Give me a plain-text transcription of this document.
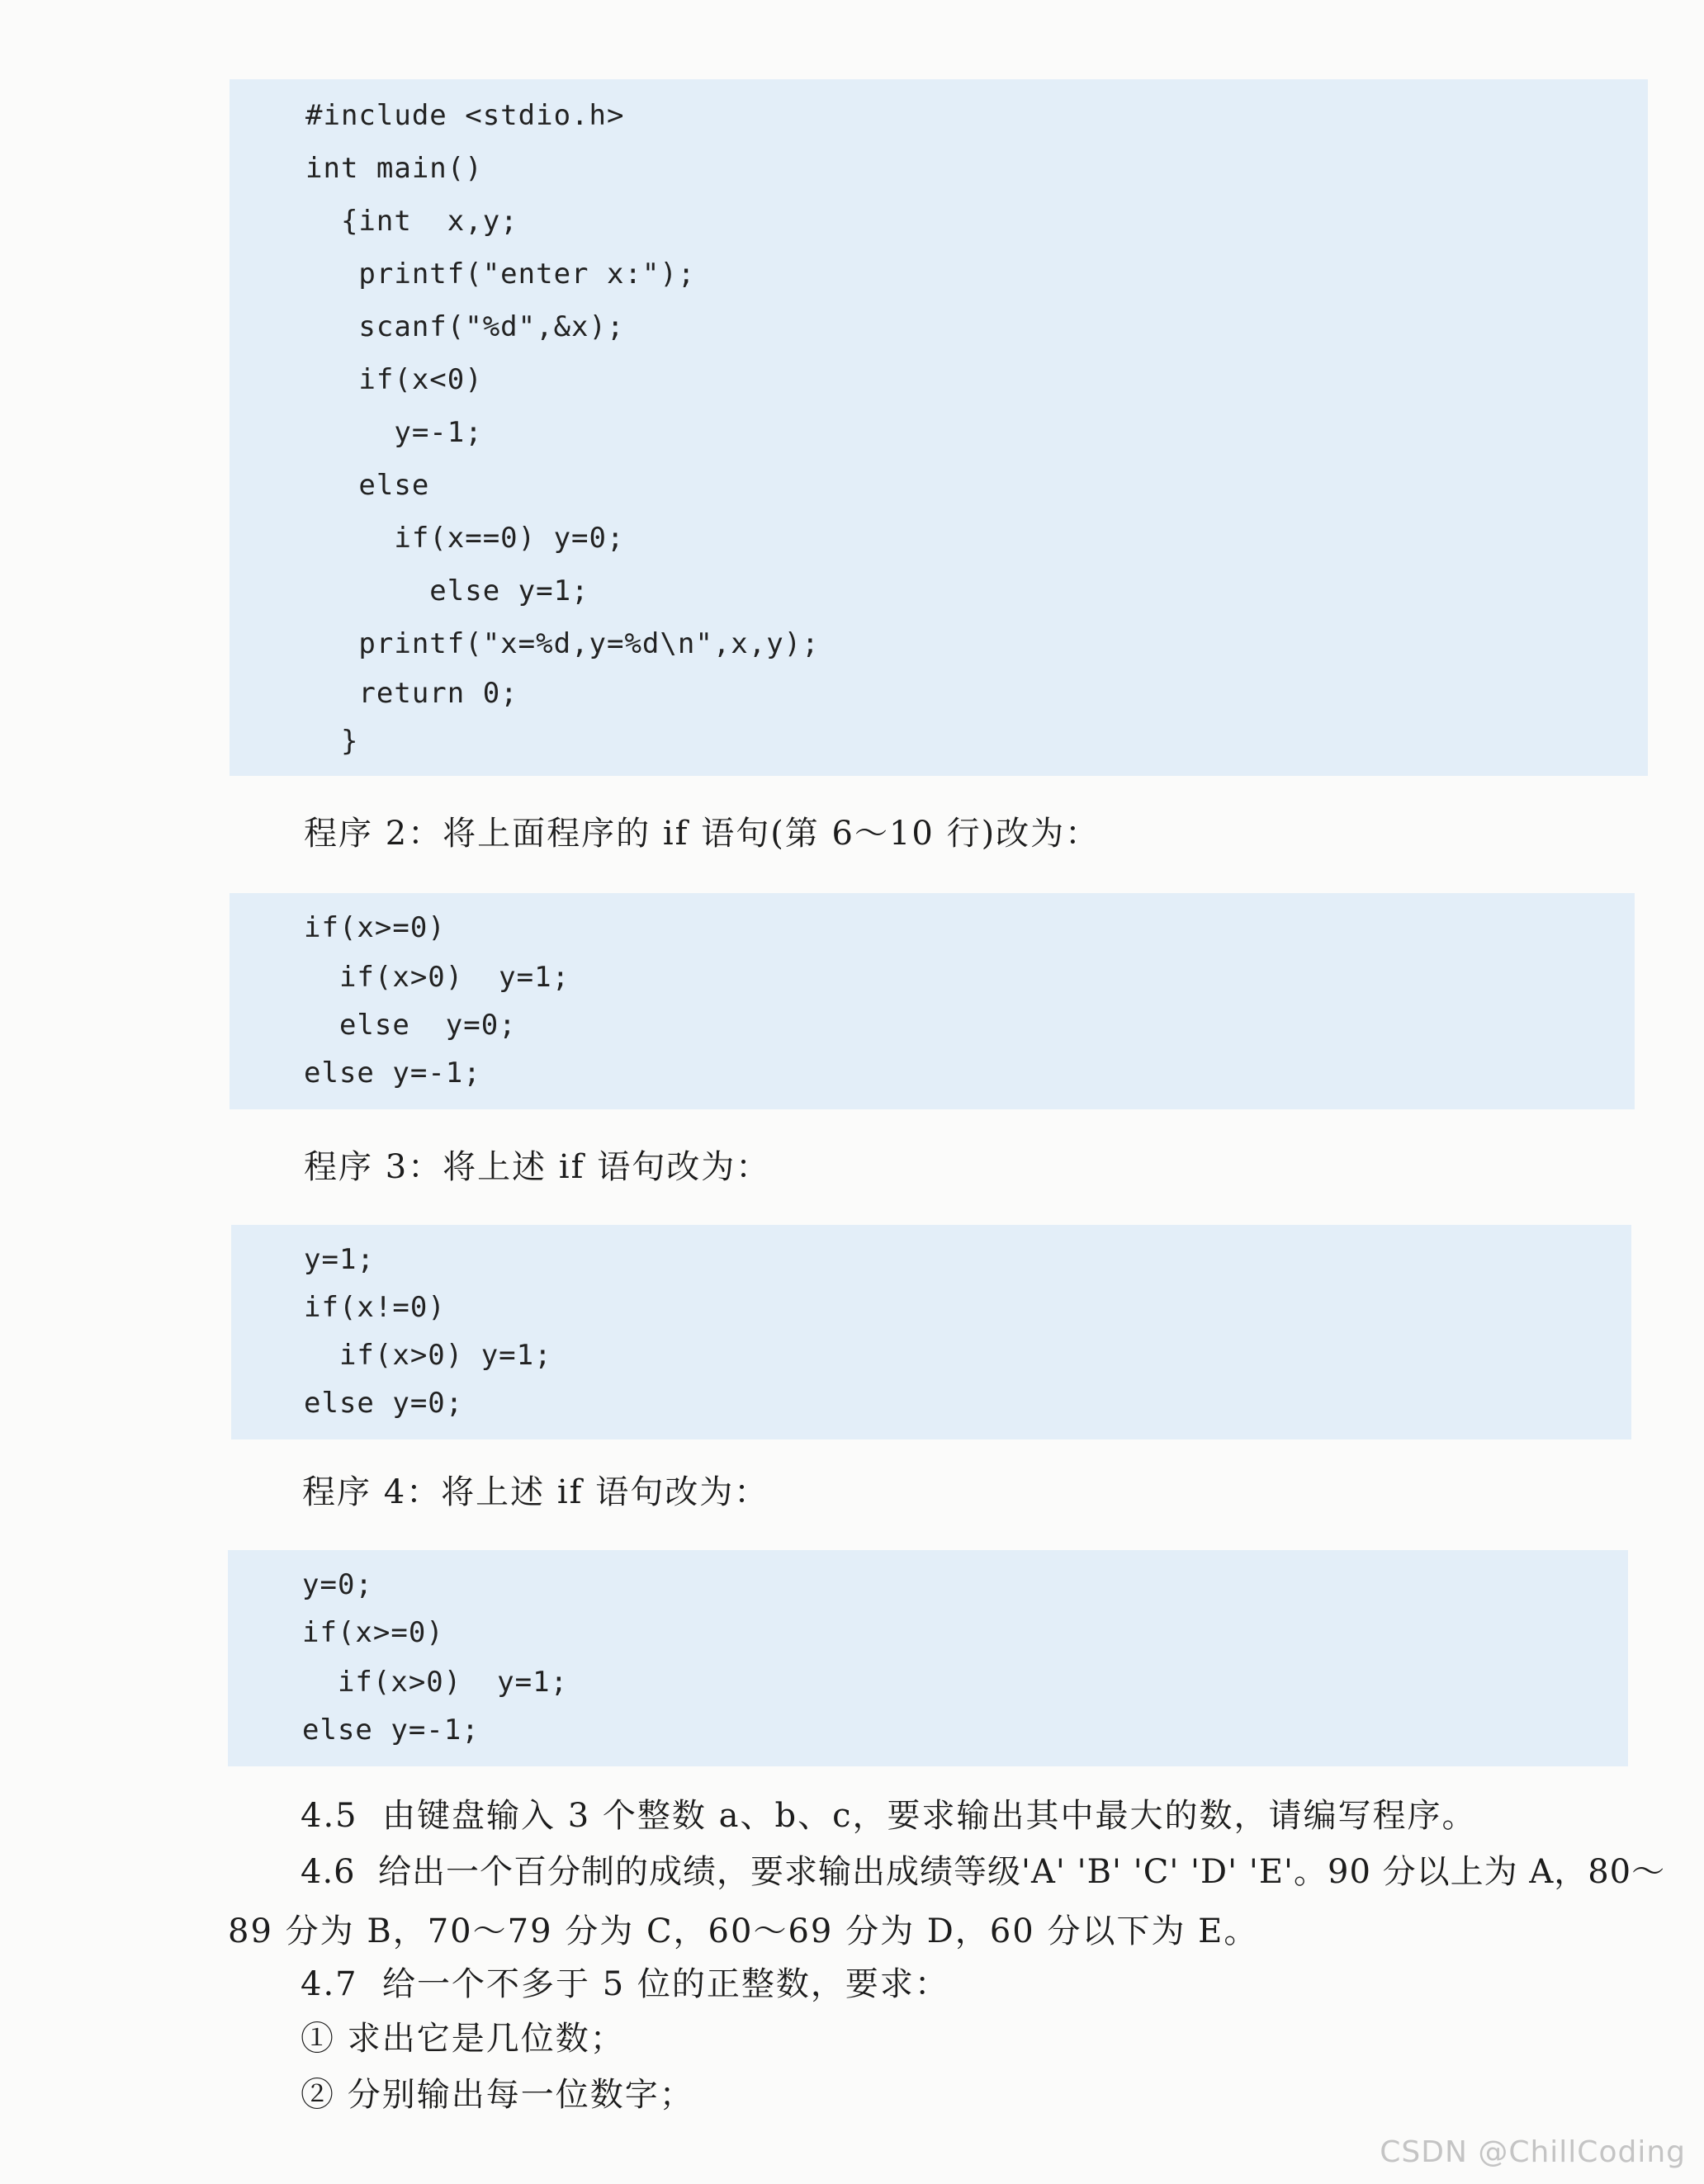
#include <stdio.h>
int main()
{int  x,y;
printf("enter x:");
scanf("%d",&x);
if(x<0)
y=-1;
else
if(x==0) y=0;
else y=1;
printf("x=%d,y=%d\n",x,y);
return 0;
}
程序 2：将上面程序的 if 语句(第 6～10 行)改为：
if(x>=0)
if(x>0)  y=1;
else  y=0;
else y=-1;
程序 3：将上述 if 语句改为：
y=1;
if(x!=0)
if(x>0) y=1;
else y=0;
程序 4：将上述 if 语句改为：
y=0;
if(x>=0)
if(x>0)  y=1;
else y=-1;
4.5  由键盘输入 3 个整数 a、b、c，要求输出其中最大的数，请编写程序。
4.6  给出一个百分制的成绩，要求输出成绩等级'A' 'B' 'C' 'D' 'E'。90 分以上为 A，80～
89 分为 B，70～79 分为 C，60～69 分为 D，60 分以下为 E。
4.7  给一个不多于 5 位的正整数，要求：
① 求出它是几位数；
② 分别输出每一位数字；
CSDN @ChillCoding
